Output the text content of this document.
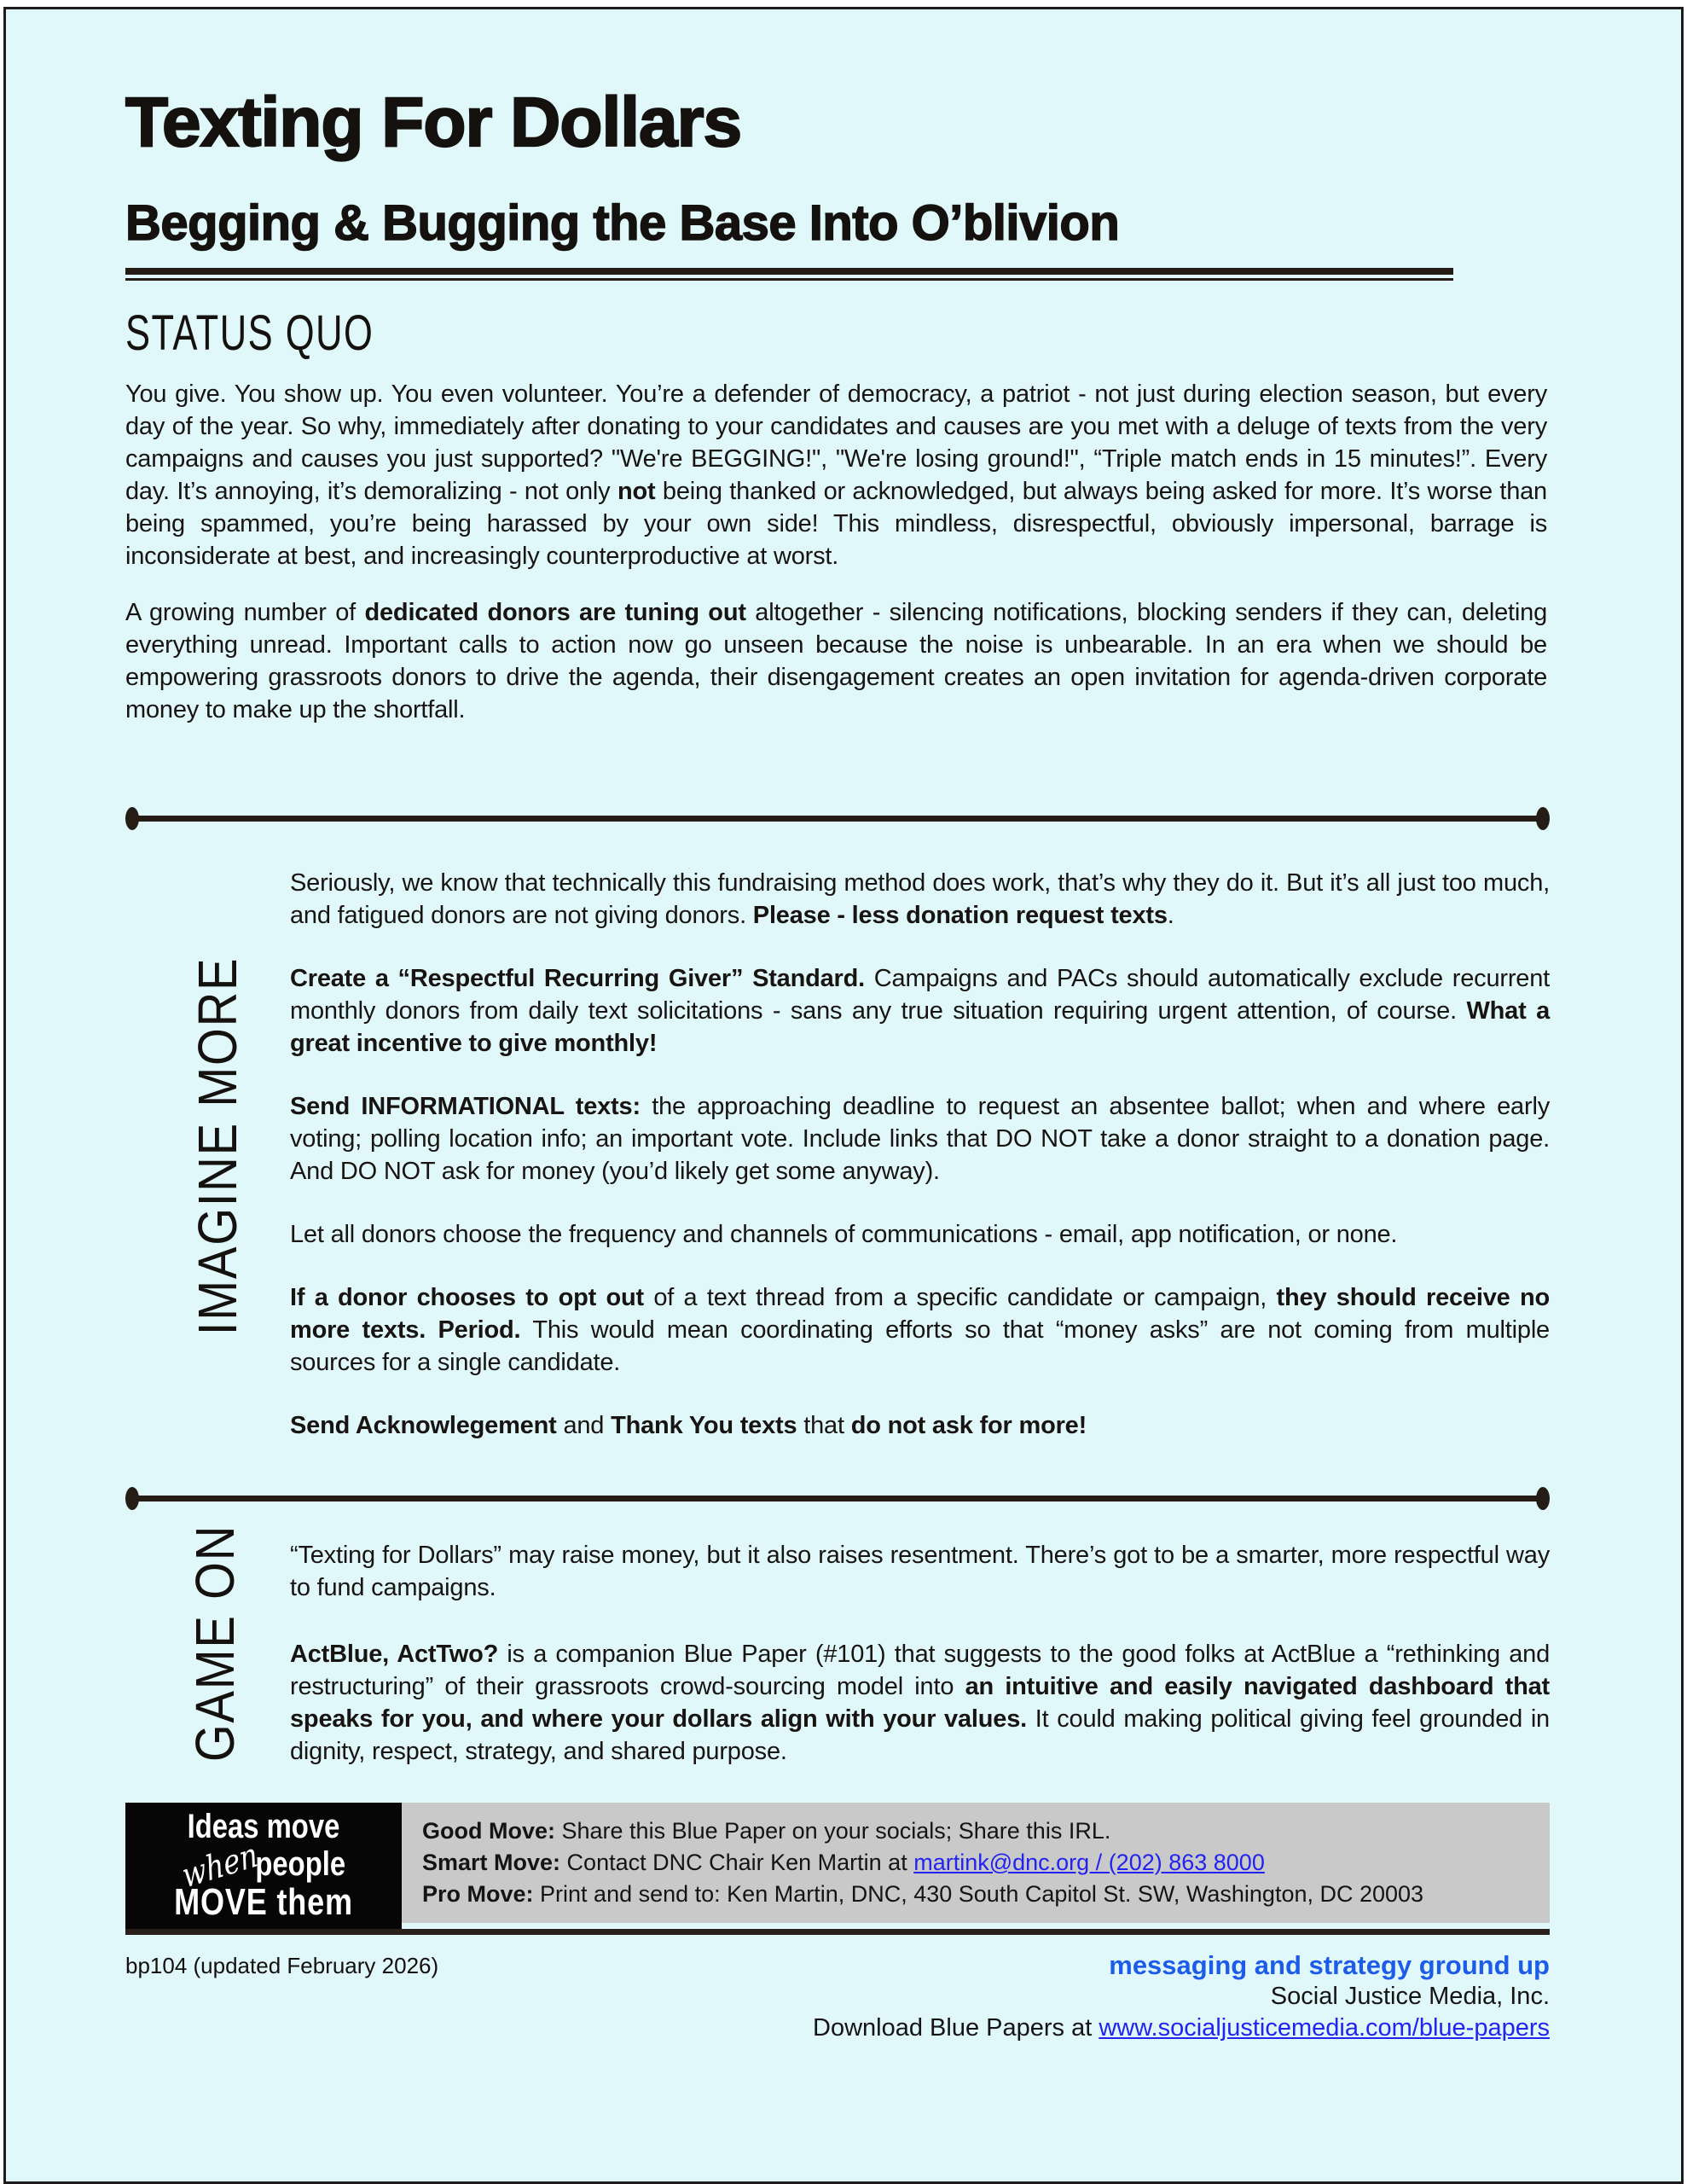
Texting For Dollars
Begging & Bugging the Base Into O’blivion
STATUS QUO

You give. You show up. You even volunteer. You’re a defender of democracy, a patriot - not just during election season, but every day of the year. So why, immediately after donating to your candidates and causes are you met with a deluge of texts from the very campaigns and causes you just supported? "We're BEGGING!", "We're losing ground!", “Triple match ends in 15 minutes!”. Every day. It’s annoying, it’s demoralizing - not only not being thanked or acknowledged, but always being asked for more. It’s worse than being spammed, you’re being harassed by your own side! This mindless, disrespectful, obviously impersonal, barrage is inconsiderate at best, and increasingly counterproductive at worst.

A growing number of dedicated donors are tuning out altogether - silencing notifications, blocking senders if they can, deleting everything unread. Important calls to action now go unseen because the noise is unbearable. In an era when we should be empowering grassroots donors to drive the agenda, their disengagement creates an open invitation for agenda-driven corporate money to make up the shortfall.

IMAGINE MORE

Seriously, we know that technically this fundraising method does work, that’s why they do it. But it’s all just too much, and fatigued donors are not giving donors. Please - less donation request texts.

Create a “Respectful Recurring Giver” Standard. Campaigns and PACs should automatically exclude recurrent monthly donors from daily text solicitations - sans any true situation requiring urgent attention, of course. What a great incentive to give monthly!

Send INFORMATIONAL texts: the approaching deadline to request an absentee ballot; when and where early voting; polling location info; an important vote. Include links that DO NOT take a donor straight to a donation page. And DO NOT ask for money (you’d likely get some anyway).

Let all donors choose the frequency and channels of communications - email, app notification, or none.

If a donor chooses to opt out of a text thread from a specific candidate or campaign, they should receive no more texts. Period. This would mean coordinating efforts so that “money asks” are not coming from multiple sources for a single candidate.

Send Acknowlegement and Thank You texts that do not ask for more!

GAME ON “Texting for Dollars” may raise money, but it also raises resentment. There’s got to be a smarter, more respectful way to fund campaigns.

ActBlue, ActTwo? is a companion Blue Paper (#101) that suggests to the good folks at ActBlue a “rethinking and restructuring” of their grassroots crowd-sourcing model into an intuitive and easily navigated dashboard that speaks for you, and where your dollars align with your values. It could making political giving feel grounded in dignity, respect, strategy, and shared purpose.

Ideas move
whenpeople
MOVE them

Good Move: Share this Blue Paper on your socials; Share this IRL.

Smart Move: Contact DNC Chair Ken Martin at martink@dnc.org / (202) 863 8000

Pro Move: Print and send to: Ken Martin, DNC, 430 South Capitol St. SW, Washington, DC 20003

bp104 (updated February 2026)	messaging and strategy ground up
Social Justice Media, Inc.
Download Blue Papers at www.socialjusticemedia.com/blue-papers
